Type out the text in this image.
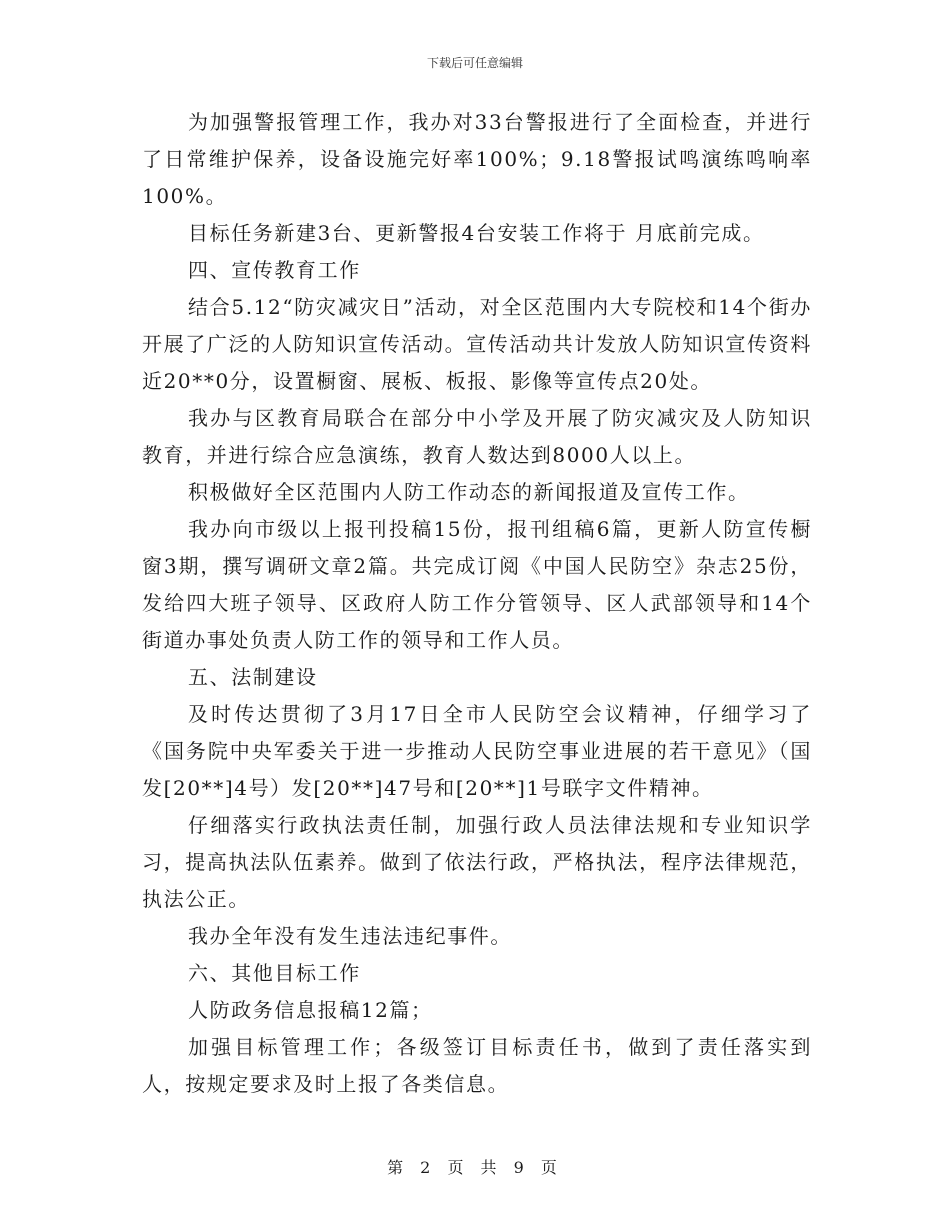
下载后可任意编辑

为加强警报管理工作，我办对33台警报进行了全面检查，并进行了日常维护保养，设备设施完好率100%；9.18警报试鸣演练鸣响率100%。

目标任务新建3台、更新警报4台安装工作将于 月底前完成。

四、宣传教育工作

结合5.12“防灾减灾日”活动，对全区范围内大专院校和14个街办开展了广泛的人防知识宣传活动。宣传活动共计发放人防知识宣传资料近20**0分，设置橱窗、展板、板报、影像等宣传点20处。

我办与区教育局联合在部分中小学及开展了防灾减灾及人防知识教育，并进行综合应急演练，教育人数达到8000人以上。

积极做好全区范围内人防工作动态的新闻报道及宣传工作。

我办向市级以上报刊投稿15份，报刊组稿6篇，更新人防宣传橱窗3期，撰写调研文章2篇。共完成订阅《中国人民防空》杂志25份，发给四大班子领导、区政府人防工作分管领导、区人武部领导和14个街道办事处负责人防工作的领导和工作人员。

五、法制建设

及时传达贯彻了3月17日全市人民防空会议精神，仔细学习了《国务院中央军委关于进一步推动人民防空事业进展的若干意见》（国发[20**]4号）发[20**]47号和[20**]1号联字文件精神。

仔细落实行政执法责任制，加强行政人员法律法规和专业知识学习，提高执法队伍素养。做到了依法行政，严格执法，程序法律规范，执法公正。

我办全年没有发生违法违纪事件。

六、其他目标工作

人防政务信息报稿12篇；

加强目标管理工作；各级签订目标责任书，做到了责任落实到人，按规定要求及时上报了各类信息。

第 2 页 共 9 页
